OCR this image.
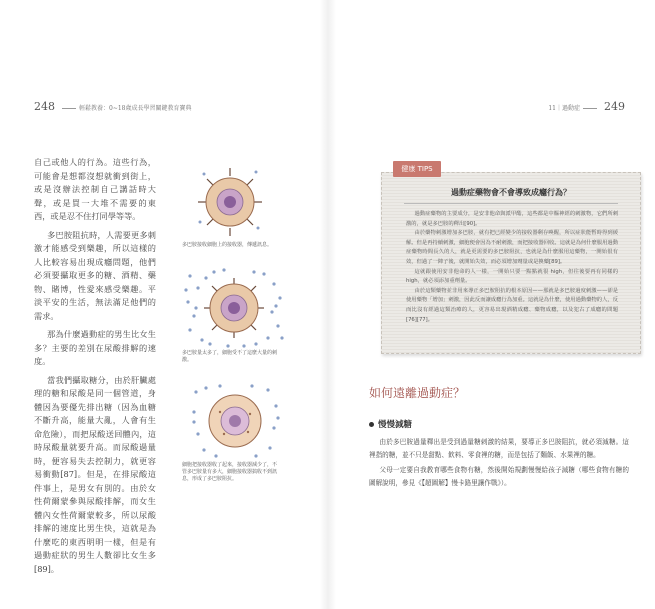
248	輕鬆教養：0~18歲成長學習關鍵教育寶典

自己或他人的行為。這些行為，可能會是想都沒想就衝到街上，或是沒辦法控制自己講話時大聲，或是買一大堆不需要的東西，或是忍不住打同學等等。

多巴胺阻抗時，人需要更多刺激才能感受到樂趣，所以這樣的人比較容易出現成癮問題，他們必須要攝取更多的糖、酒精、藥物、賭博，性愛來感受樂趣。平淡平安的生活，無法滿足他們的需求。

那為什麼過動症的男生比女生多？主要的差別在尿酸排解的速度。

當我們攝取糖分，由於肝臟處理的糖和尿酸是同一個管道，身體因為要優先排出糖（因為血糖不斷升高，能量大亂，人會有生命危險），而把尿酸送回體內，這時尿酸量就要升高。而尿酸過量時，便容易失去控制力，就更容易衝動[87]。但是，在排尿酸這件事上，是男女有別的。由於女性荷爾蒙參與尿酸排解，而女生體內女性荷爾蒙較多，所以尿酸排解的速度比男生快，這就是為什麼吃的東西明明一樣，但是有過動症狀的男生人數卻比女生多[89]。

多巴胺接收細胞上的接收器，傳遞訊息。
多巴胺量太多了，細胞受不了這麼大量的刺激。
細胞把接收器收了起來，接收器減少了，不管多巴胺量有多大，細胞接收器搞收不到訊息，形成了多巴胺阻抗。
11｜過動症 249
過動症藥物會不會導致成癮行為？

過動症藥物的主要成分，是安非他命與派甲酯，這些都是中樞神經的刺激物，它們所刺激的，就是多巴胺的釋出[90]。

由於藥物刺激增加多巴胺，就有把已經變少的接收器剩存喚醒，所以症狀能暫時得到緩解。但是再持續刺激，細胞便會因為不耐刺激，而把接收器回收。這就是為何什麼服用過動症藥物時間長久的人，就是更需要的多巴胺阻抗，也就是為什麼服用這藥物，一開始很有效，但過了一陣子後，就開始失效，而必須增加劑量或是換藥[89]。

這就跟使用安非他命的人一樣，一開始只要一點點就很 high，但往後要再有同樣的 high，就必須添加重劑量。

由於這類藥物並非用來導正多巴胺阻抗的根本原因——那就是多巴胺過度刺激——卻是使用藥物「增加」刺激，因此反而讓成癮行為加重。這就是為什麼，使用過動藥物的人，反而比沒有經過這類治療的人，更容易出現酒精成癮、藥物成癮，以及犯古了成癮的問題[76][77]。

健康 TIPS
如何遠離過動症？
慢慢減糖

由於多巴胺過量釋出是受到過量糖刺激的結果，要導正多巴胺阻抗，就必須減糖。這裡指的糖，並不只是甜點、飲料、零食裡的糖，而是包括了麵飯、水果裡的糖。

父母一定要自我教育哪些食物有糖，然後開始規劃慢慢給孩子減糖（哪些食物有糖的圖解說明，參見《【超圖解】慢卡路里讓作戰》）。
